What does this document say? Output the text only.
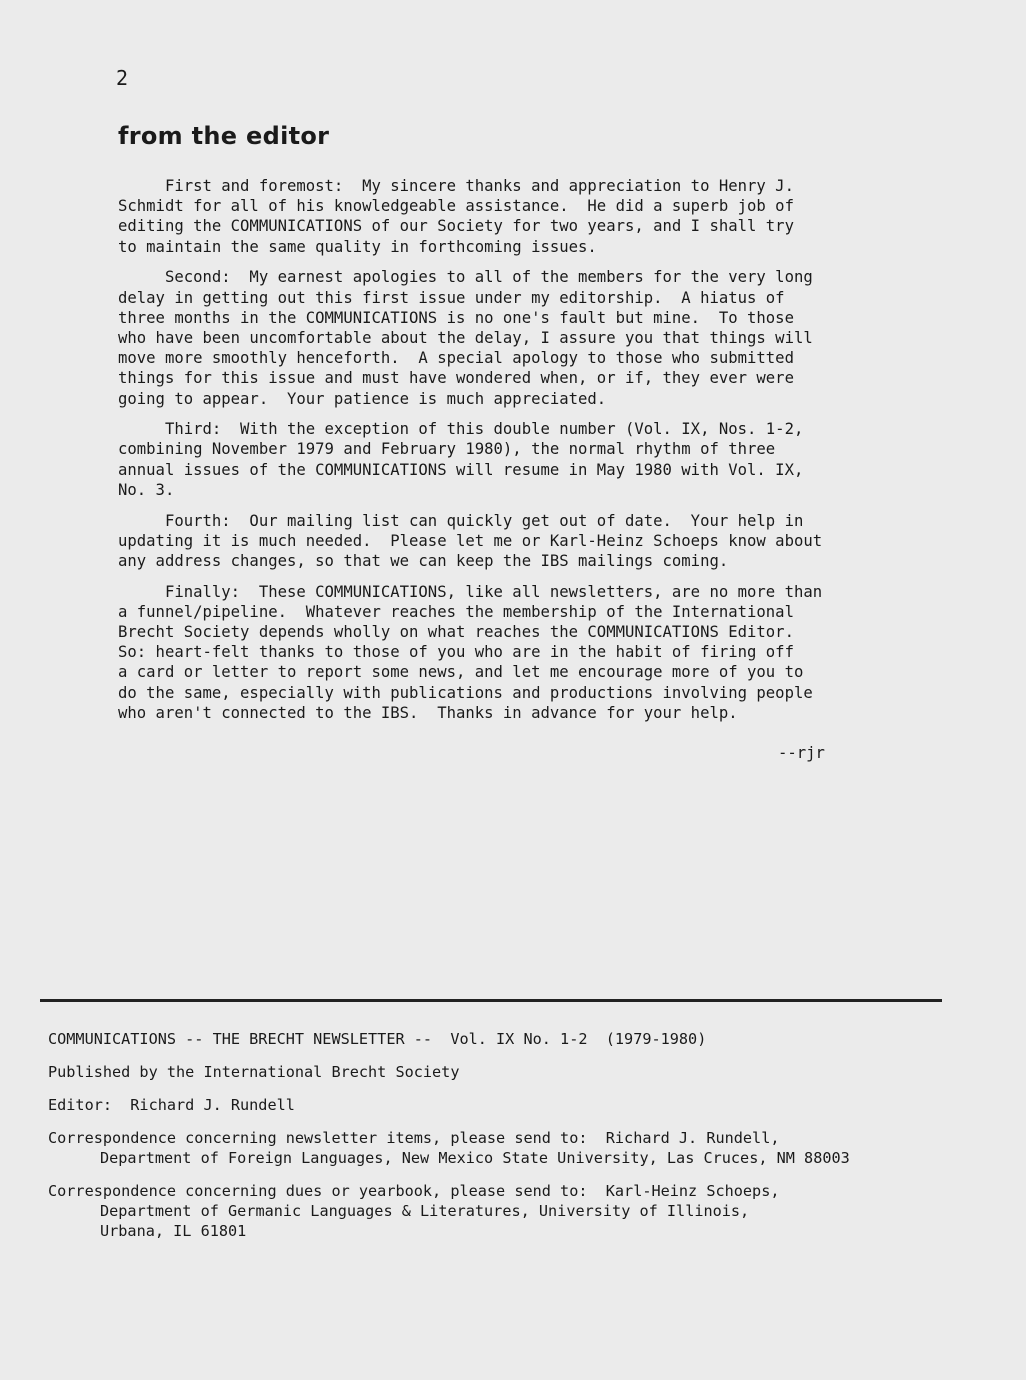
2
from the editor

First and foremost:  My sincere thanks and appreciation to Henry J.
Schmidt for all of his knowledgeable assistance.  He did a superb job of
editing the COMMUNICATIONS of our Society for two years, and I shall try
to maintain the same quality in forthcoming issues.

Second:  My earnest apologies to all of the members for the very long
delay in getting out this first issue under my editorship.  A hiatus of
three months in the COMMUNICATIONS is no one's fault but mine.  To those
who have been uncomfortable about the delay, I assure you that things will
move more smoothly henceforth.  A special apology to those who submitted
things for this issue and must have wondered when, or if, they ever were
going to appear.  Your patience is much appreciated.

Third:  With the exception of this double number (Vol. IX, Nos. 1-2,
combining November 1979 and February 1980), the normal rhythm of three
annual issues of the COMMUNICATIONS will resume in May 1980 with Vol. IX,
No. 3.

Fourth:  Our mailing list can quickly get out of date.  Your help in
updating it is much needed.  Please let me or Karl-Heinz Schoeps know about
any address changes, so that we can keep the IBS mailings coming.

Finally:  These COMMUNICATIONS, like all newsletters, are no more than
a funnel/pipeline.  Whatever reaches the membership of the International
Brecht Society depends wholly on what reaches the COMMUNICATIONS Editor.
So: heart-felt thanks to those of you who are in the habit of firing off
a card or letter to report some news, and let me encourage more of you to
do the same, especially with publications and productions involving people
who aren't connected to the IBS.  Thanks in advance for your help.

--rjr
COMMUNICATIONS -- THE BRECHT NEWSLETTER --  Vol. IX No. 1-2  (1979-1980)
Published by the International Brecht Society
Editor:  Richard J. Rundell
Correspondence concerning newsletter items, please send to:  Richard J. Rundell,
Department of Foreign Languages, New Mexico State University, Las Cruces, NM 88003
Correspondence concerning dues or yearbook, please send to:  Karl-Heinz Schoeps,
Department of Germanic Languages & Literatures, University of Illinois,
Urbana, IL 61801
